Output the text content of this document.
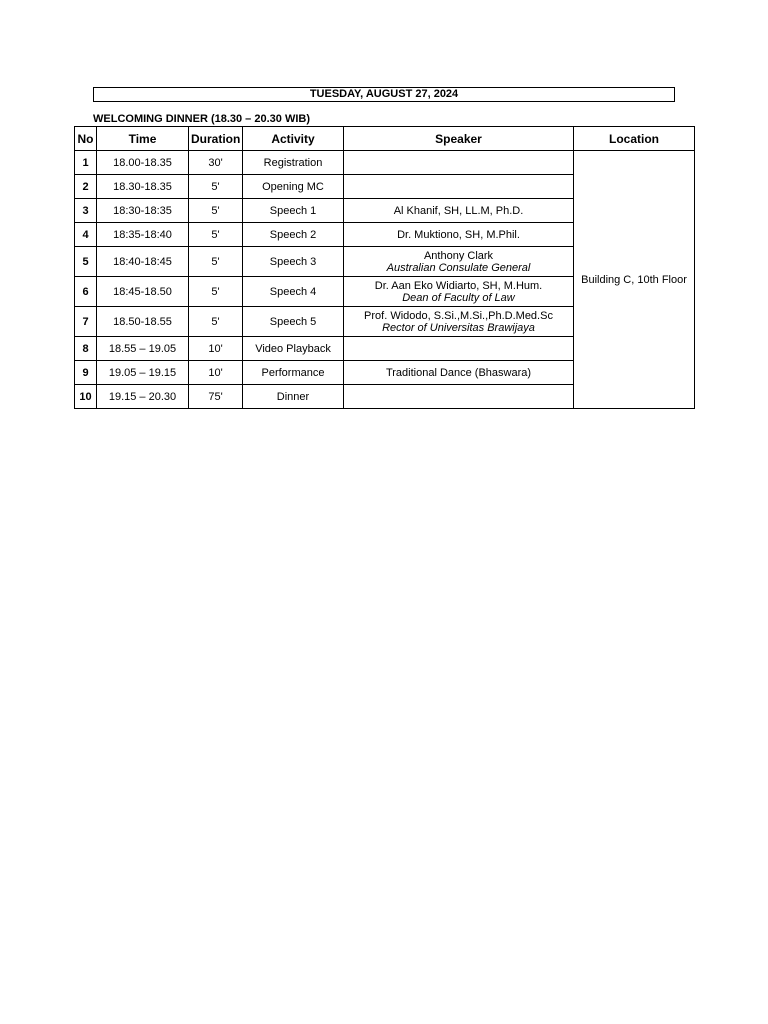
TUESDAY, AUGUST 27, 2024
WELCOMING DINNER (18.30 – 20.30 WIB)
No	Time	Duration	Activity	Speaker	Location
1	18.00-18.35	30'	Registration		Building C, 10th Floor
2	18.30-18.35	5'	Opening MC		

3	18:30-18:35	5'	Speech 1	Al Khanif, SH, LL.M, Ph.D.	

4	18:35-18:40	5'	Speech 2	Dr. Muktiono, SH, M.Phil.	

5	18:40-18:45	5'	Speech 3	Anthony Clark
Australian Consulate General	

6	18:45-18.50	5'	Speech 4	Dr. Aan Eko Widiarto, SH, M.Hum.
Dean of Faculty of Law	

7	18.50-18.55	5'	Speech 5	Prof. Widodo, S.Si.,M.Si.,Ph.D.Med.Sc
Rector of Universitas Brawijaya	

8	18.55 – 19.05	10'	Video Playback		

9	19.05 – 19.15	10'	Performance	Traditional Dance (Bhaswara)	

10	19.15 – 20.30	75'	Dinner		
